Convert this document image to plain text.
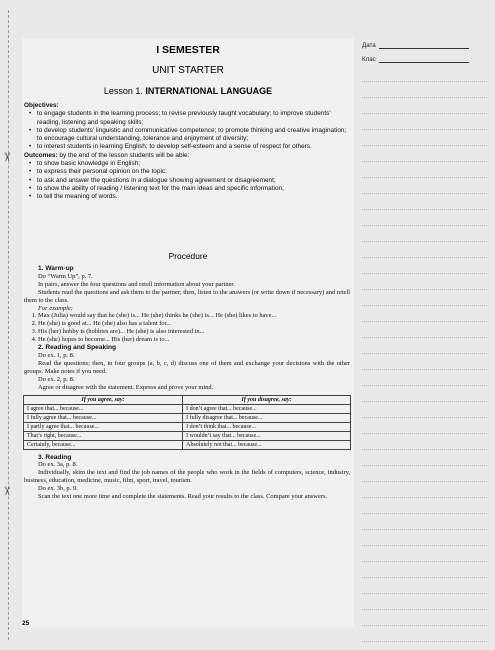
✂
✂
I SEMESTER
UNIT STARTER
Lesson 1. INTERNATIONAL LANGUAGE
Objectives:
• to engage students in the learning process; to revise previously taught vocabulary; to improve students’ reading, listening and speaking skills;
• to develop students’ linguistic and communicative competence; to promote thinking and creative imagination; to encourage cultural understanding, tolerance and enjoyment of diversity;
• to interest students in learning English; to develop self-esteem and a sense of respect for others.
Outcomes: by the end of the lesson students will be able:
• to show basic knowledge in English;
• to express their personal opinion on the topic;
• to ask and answer the questions in a dialogue showing agreement or disagreement;
• to show the ability of reading / listening text for the main ideas and specific information;
• to tell the meaning of words.
Procedure
1. Warm-up
Do “Warm Up”, p. 7.
In pairs, answer the four questions and retell information about your partner.
Students read the questions and ask them to the partner; then, listen to the answers (or write down if necessary) and retell them to the class.
For example:
1. Max (Julia) would say that he (she) is... He (she) thinks he (she) is... He (she) likes to have...
2. He (she) is good at... He (she) also has a talent for...
3. His (her) hobby is (hobbies are)... He (she) is also interested in...
4. He (she) hopes to become... His (her) dream is to...
2. Reading and Speaking
Do ex. 1, p. 8.
Read the questions; then, in four groups (a, b, c, d) discuss one of them and exchange your decisions with the other groups. Make notes if you need.
Do ex. 2, p. 8.
Agree or disagree with the statement. Express and prove your mind.
If you agree, say:	If you disagree, say:
I agree that... because...	I don’t agree that... because...
I fully agree that... because...	I fully disagree that... because...
I partly agree that... because...	I don’t think that... because...
That’s right, because...	I wouldn’t say that... because...
Certainly, because...	Absolutely not that... because...
3. Reading
Do ex. 3a, p. 8.
Individually, skim the text and find the job names of the people who work in the fields of computers, science, industry, business, education, medicine, music, film, sport, travel, tourism.
Do ex. 3b, p. 9.
Scan the text one more time and complete the statements. Read your results to the class. Compare your answers.
25
Дата
Клас
